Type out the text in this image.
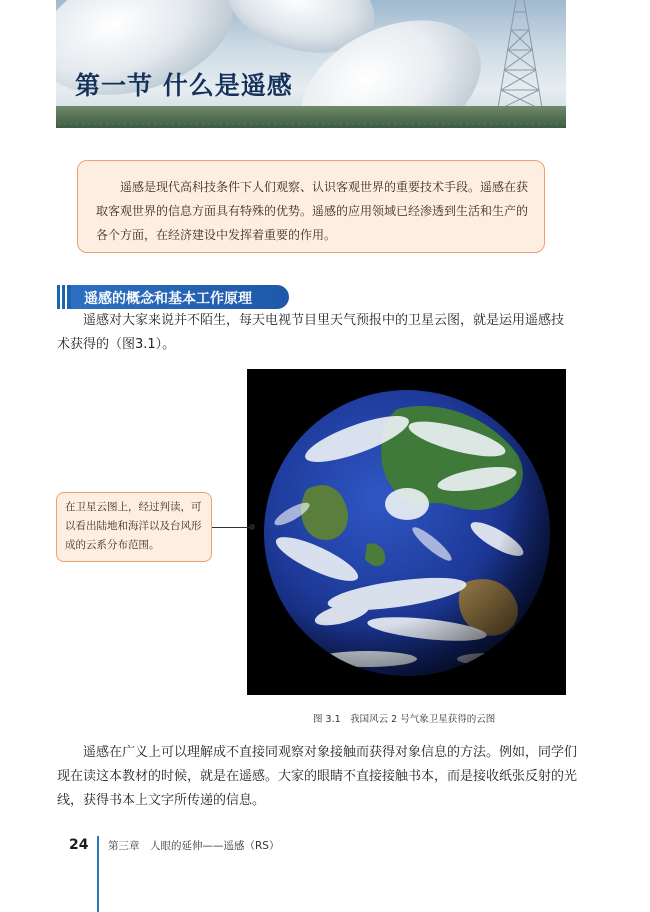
第一节 什么是遥感
遥感是现代高科技条件下人们观察、认识客观世界的重要技术手段。遥感在获取客观世界的信息方面具有特殊的优势。遥感的应用领域已经渗透到生活和生产的各个方面，在经济建设中发挥着重要的作用。
遥感的概念和基本工作原理

遥感对大家来说并不陌生，每天电视节目里天气预报中的卫星云图，就是运用遥感技术获得的（图3.1）。

在卫星云图上，经过判读，可以看出陆地和海洋以及台风形成的云系分布范围。
图 3.1　我国风云 2 号气象卫星获得的云图

遥感在广义上可以理解成不直接同观察对象接触而获得对象信息的方法。例如，同学们现在读这本教材的时候，就是在遥感。大家的眼睛不直接接触书本，而是接收纸张反射的光线，获得书本上文字所传递的信息。

24 第三章　人眼的延伸——遥感（RS）
